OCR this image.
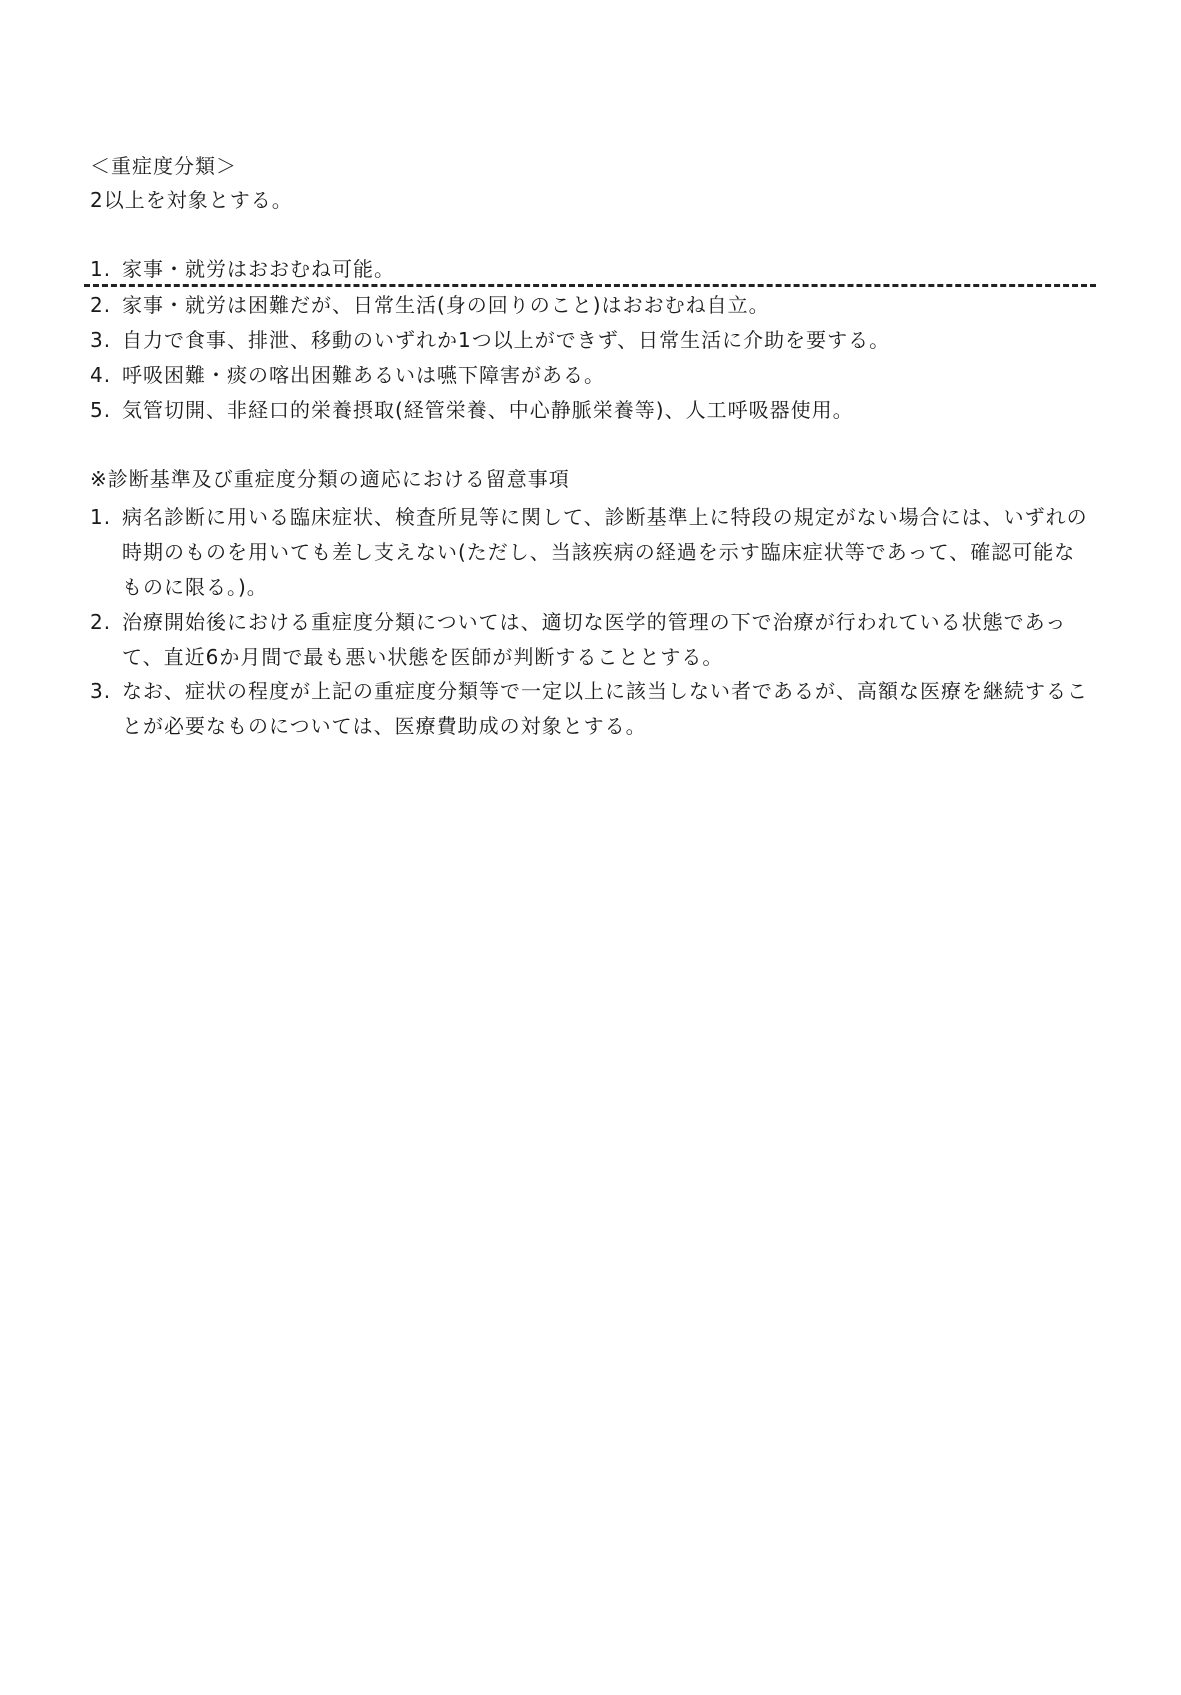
＜重症度分類＞
2以上を対象とする。
1. 家事・就労はおおむね可能。
2. 家事・就労は困難だが、日常生活(身の回りのこと)はおおむね自立。
3. 自力で食事、排泄、移動のいずれか1つ以上ができず、日常生活に介助を要する。
4. 呼吸困難・痰の喀出困難あるいは嚥下障害がある。
5. 気管切開、非経口的栄養摂取(経管栄養、中心静脈栄養等)、人工呼吸器使用。
※診断基準及び重症度分類の適応における留意事項
1. 病名診断に用いる臨床症状、検査所見等に関して、診断基準上に特段の規定がない場合には、いずれの時期のものを用いても差し支えない(ただし、当該疾病の経過を示す臨床症状等であって、確認可能なものに限る。)。
2. 治療開始後における重症度分類については、適切な医学的管理の下で治療が行われている状態であって、直近6か月間で最も悪い状態を医師が判断することとする。
3. なお、症状の程度が上記の重症度分類等で一定以上に該当しない者であるが、高額な医療を継続することが必要なものについては、医療費助成の対象とする。
